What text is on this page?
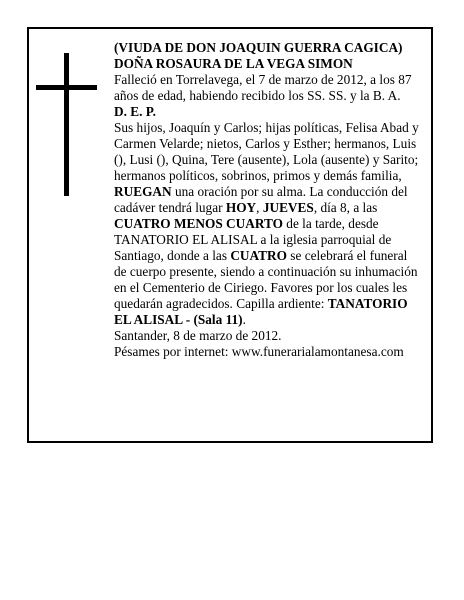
(VIUDA DE DON JOAQUIN GUERRA CAGICA)

DOÑA ROSAURA DE LA VEGA SIMON

Falleció en Torrelavega, el 7 de marzo de 2012, a los 87 años de edad, habiendo recibido los SS. SS. y la B. A.

D. E. P.

Sus hijos, Joaquín y Carlos; hijas políticas, Felisa Abad y Carmen Velarde; nietos, Carlos y Esther; hermanos, Luis (), Lusi (), Quina, Tere (ausente), Lola (ausente) y Sarito; hermanos políticos, sobrinos, primos y demás familia,

RUEGAN una oración por su alma. La conducción del cadáver tendrá lugar HOY, JUEVES, día 8, a las CUATRO MENOS CUARTO de la tarde, desde TANATORIO EL ALISAL a la iglesia parroquial de Santiago, donde a las CUATRO se celebrará el funeral de cuerpo presente, siendo a continuación su inhumación en el Cementerio de Ciriego. Favores por los cuales les quedarán agradecidos. Capilla ardiente: TANATORIO EL ALISAL - (Sala 11).

Santander, 8 de marzo de 2012.

Pésames por internet: www.funerarialamontanesa.com
